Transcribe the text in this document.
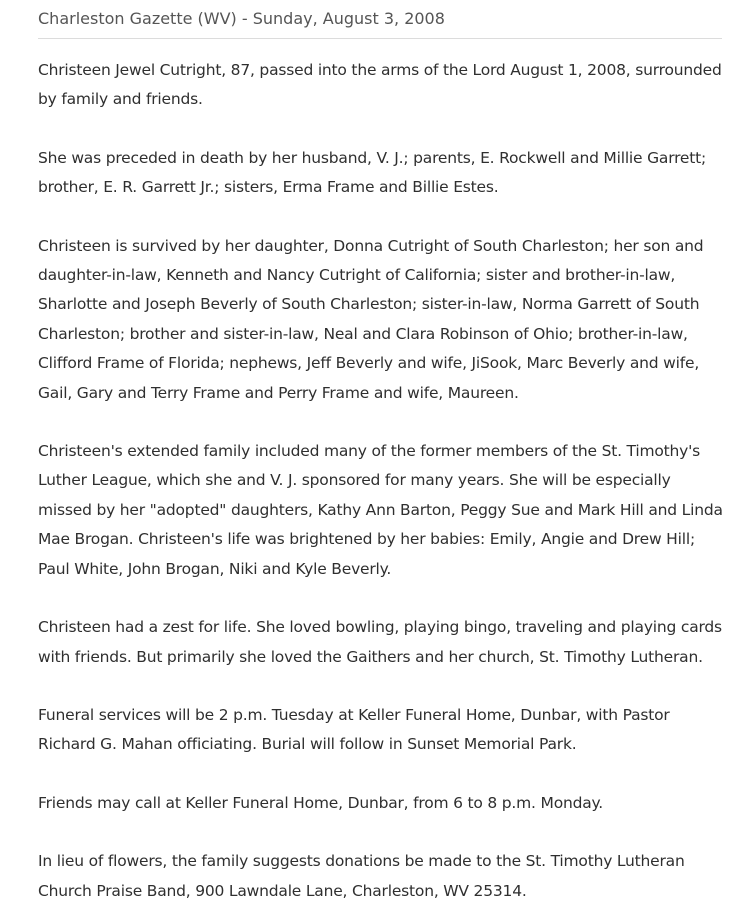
Charleston Gazette (WV) - Sunday, August 3, 2008

Christeen Jewel Cutright, 87, passed into the arms of the Lord August 1, 2008, surrounded by family and friends.

She was preceded in death by her husband, V. J.; parents, E. Rockwell and Millie Garrett; brother, E. R. Garrett Jr.; sisters, Erma Frame and Billie Estes.

Christeen is survived by her daughter, Donna Cutright of South Charleston; her son and daughter-in-law, Kenneth and Nancy Cutright of California; sister and brother-in-law, Sharlotte and Joseph Beverly of South Charleston; sister-in-law, Norma Garrett of South Charleston; brother and sister-in-law, Neal and Clara Robinson of Ohio; brother-in-law, Clifford Frame of Florida; nephews, Jeff Beverly and wife, JiSook, Marc Beverly and wife, Gail, Gary and Terry Frame and Perry Frame and wife, Maureen.

Christeen's extended family included many of the former members of the St. Timothy's Luther League, which she and V. J. sponsored for many years. She will be especially missed by her "adopted" daughters, Kathy Ann Barton, Peggy Sue and Mark Hill and Linda Mae Brogan. Christeen's life was brightened by her babies: Emily, Angie and Drew Hill; Paul White, John Brogan, Niki and Kyle Beverly.

Christeen had a zest for life. She loved bowling, playing bingo, traveling and playing cards with friends. But primarily she loved the Gaithers and her church, St. Timothy Lutheran.

Funeral services will be 2 p.m. Tuesday at Keller Funeral Home, Dunbar, with Pastor Richard G. Mahan officiating. Burial will follow in Sunset Memorial Park.

Friends may call at Keller Funeral Home, Dunbar, from 6 to 8 p.m. Monday.

In lieu of flowers, the family suggests donations be made to the St. Timothy Lutheran Church Praise Band, 900 Lawndale Lane, Charleston, WV 25314.
